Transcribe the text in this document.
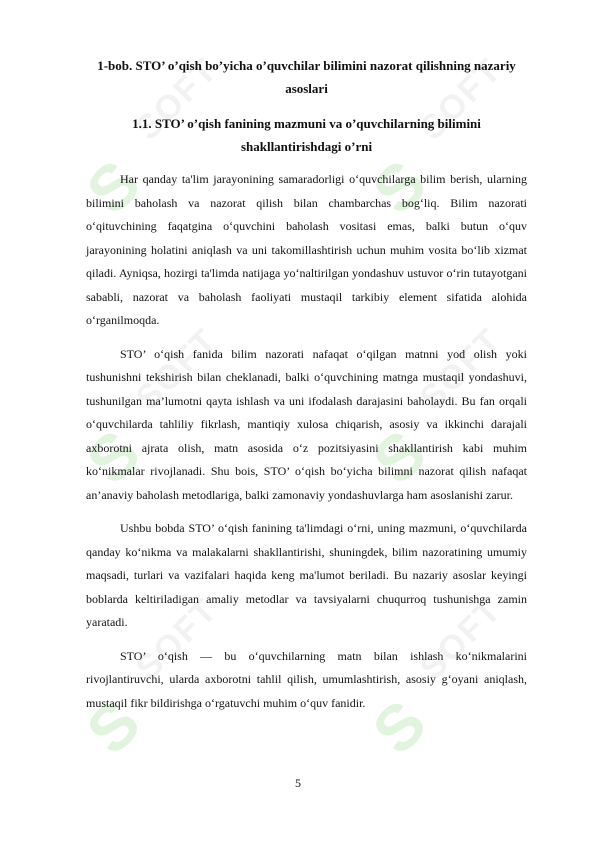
S
SOFT
S
SOFT
S
SOFT
S
SOFT
S
SOFT
S
SOFT
1-bob. STO’ o’qish bo’yicha o’quvchilar bilimini nazorat qilishning nazariy asoslari
1.1. STO’ o’qish fanining mazmuni va o’quvchilarning bilimini shakllantirishdagi o’rni

Har qanday ta'lim jarayonining samaradorligi o‘quvchilarga bilim berish, ularning bilimini baholash va nazorat qilish bilan chambarchas bog‘liq. Bilim nazorati o‘qituvchining faqatgina o‘quvchini baholash vositasi emas, balki butun o‘quv jarayonining holatini aniqlash va uni takomillashtirish uchun muhim vosita bo‘lib xizmat qiladi. Ayniqsa, hozirgi ta'limda natijaga yo‘naltirilgan yondashuv ustuvor o‘rin tutayotgani sababli, nazorat va baholash faoliyati mustaqil tarkibiy element sifatida alohida o‘rganilmoqda.

STO’ o‘qish fanida bilim nazorati nafaqat o‘qilgan matnni yod olish yoki tushunishni tekshirish bilan cheklanadi, balki o‘quvchining matnga mustaqil yondashuvi, tushunilgan ma’lumotni qayta ishlash va uni ifodalash darajasini baholaydi. Bu fan orqali o‘quvchilarda tahliliy fikrlash, mantiqiy xulosa chiqarish, asosiy va ikkinchi darajali axborotni ajrata olish, matn asosida o‘z pozitsiyasini shakllantirish kabi muhim ko‘nikmalar rivojlanadi. Shu bois, STO’ o‘qish bo‘yicha bilimni nazorat qilish nafaqat an’anaviy baholash metodlariga, balki zamonaviy yondashuvlarga ham asoslanishi zarur.

Ushbu bobda STO’ o‘qish fanining ta'limdagi o‘rni, uning mazmuni, o‘quvchilarda qanday ko‘nikma va malakalarni shakllantirishi, shuningdek, bilim nazoratining umumiy maqsadi, turlari va vazifalari haqida keng ma'lumot beriladi. Bu nazariy asoslar keyingi boblarda keltiriladigan amaliy metodlar va tavsiyalarni chuqurroq tushunishga zamin yaratadi.

STO’ o‘qish — bu o‘quvchilarning matn bilan ishlash ko‘nikmalarini rivojlantiruvchi, ularda axborotni tahlil qilish, umumlashtirish, asosiy g‘oyani aniqlash, mustaqil fikr bildirishga o‘rgatuvchi muhim o‘quv fanidir.

5
